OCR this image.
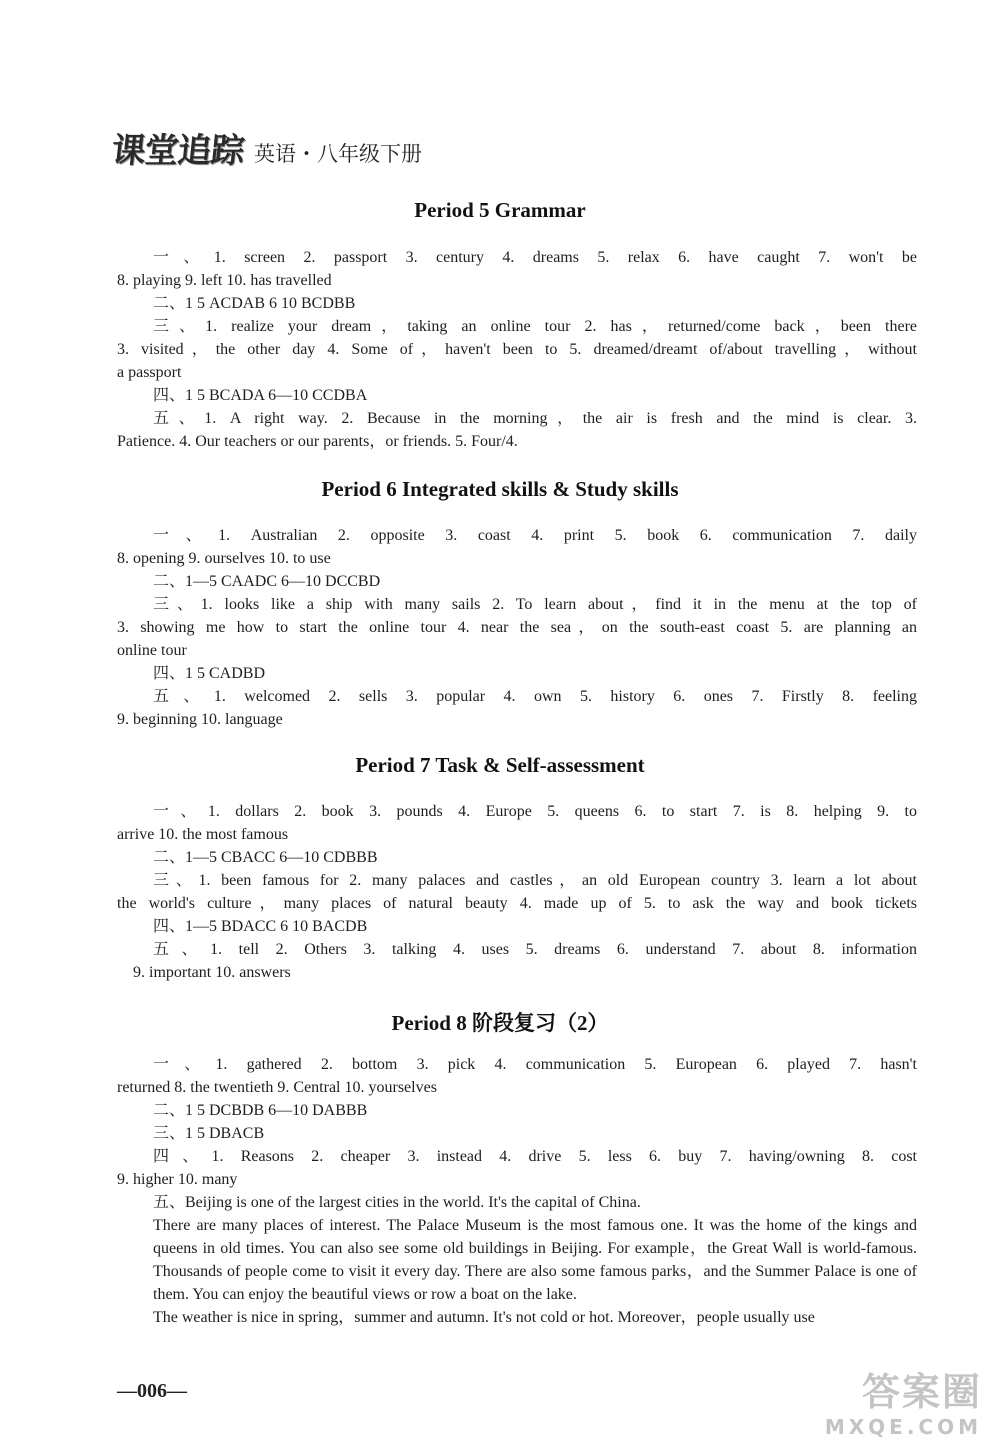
课堂追踪 英语・八年级下册
Period 5 Grammar

一、1. screen 2. passport 3. century 4. dreams 5. relax 6. have caught 7. won't be

8. playing 9. left 10. has travelled

二、1 5 ACDAB 6 10 BCDBB

三、1. realize your dream，taking an online tour 2. has，returned/come back，been there

3. visited，the other day 4. Some of，haven't been to 5. dreamed/dreamt of/about travelling，without

a passport

四、1 5 BCADA 6—10 CCDBA

五、1. A right way. 2. Because in the morning，the air is fresh and the mind is clear. 3.

Patience. 4. Our teachers or our parents，or friends. 5. Four/4.

Period 6 Integrated skills & Study skills

一、1. Australian 2. opposite 3. coast 4. print 5. book 6. communication 7. daily

8. opening 9. ourselves 10. to use

二、1—5 CAADC 6—10 DCCBD

三、1. looks like a ship with many sails 2. To learn about，find it in the menu at the top of

3. showing me how to start the online tour 4. near the sea，on the south-east coast 5. are planning an

online tour

四、1 5 CADBD

五、1. welcomed 2. sells 3. popular 4. own 5. history 6. ones 7. Firstly 8. feeling

9. beginning 10. language

Period 7 Task & Self-assessment

一、1. dollars 2. book 3. pounds 4. Europe 5. queens 6. to start 7. is 8. helping 9. to

arrive 10. the most famous

二、1—5 CBACC 6—10 CDBBB

三、1. been famous for 2. many palaces and castles，an old European country 3. learn a lot about

the world's culture，many places of natural beauty 4. made up of 5. to ask the way and book tickets

四、1—5 BDACC 6 10 BACDB

五、1. tell 2. Others 3. talking 4. uses 5. dreams 6. understand 7. about 8. information

9. important 10. answers

Period 8 阶段复习（2）

一、1. gathered 2. bottom 3. pick 4. communication 5. European 6. played 7. hasn't

returned 8. the twentieth 9. Central 10. yourselves

二、1 5 DCBDB 6—10 DABBB

三、1 5 DBACB

四、1. Reasons 2. cheaper 3. instead 4. drive 5. less 6. buy 7. having/owning 8. cost

9. higher 10. many

五、Beijing is one of the largest cities in the world. It's the capital of China.

There are many places of interest. The Palace Museum is the most famous one. It was the home of the kings and queens in old times. You can also see some old buildings in Beijing. For example，the Great Wall is world-famous. Thousands of people come to visit it every day. There are also some famous parks，and the Summer Palace is one of them. You can enjoy the beautiful views or row a boat on the lake.

The weather is nice in spring，summer and autumn. It's not cold or hot. Moreover，people usually use

—006—	答案圈
MXQE.COM
